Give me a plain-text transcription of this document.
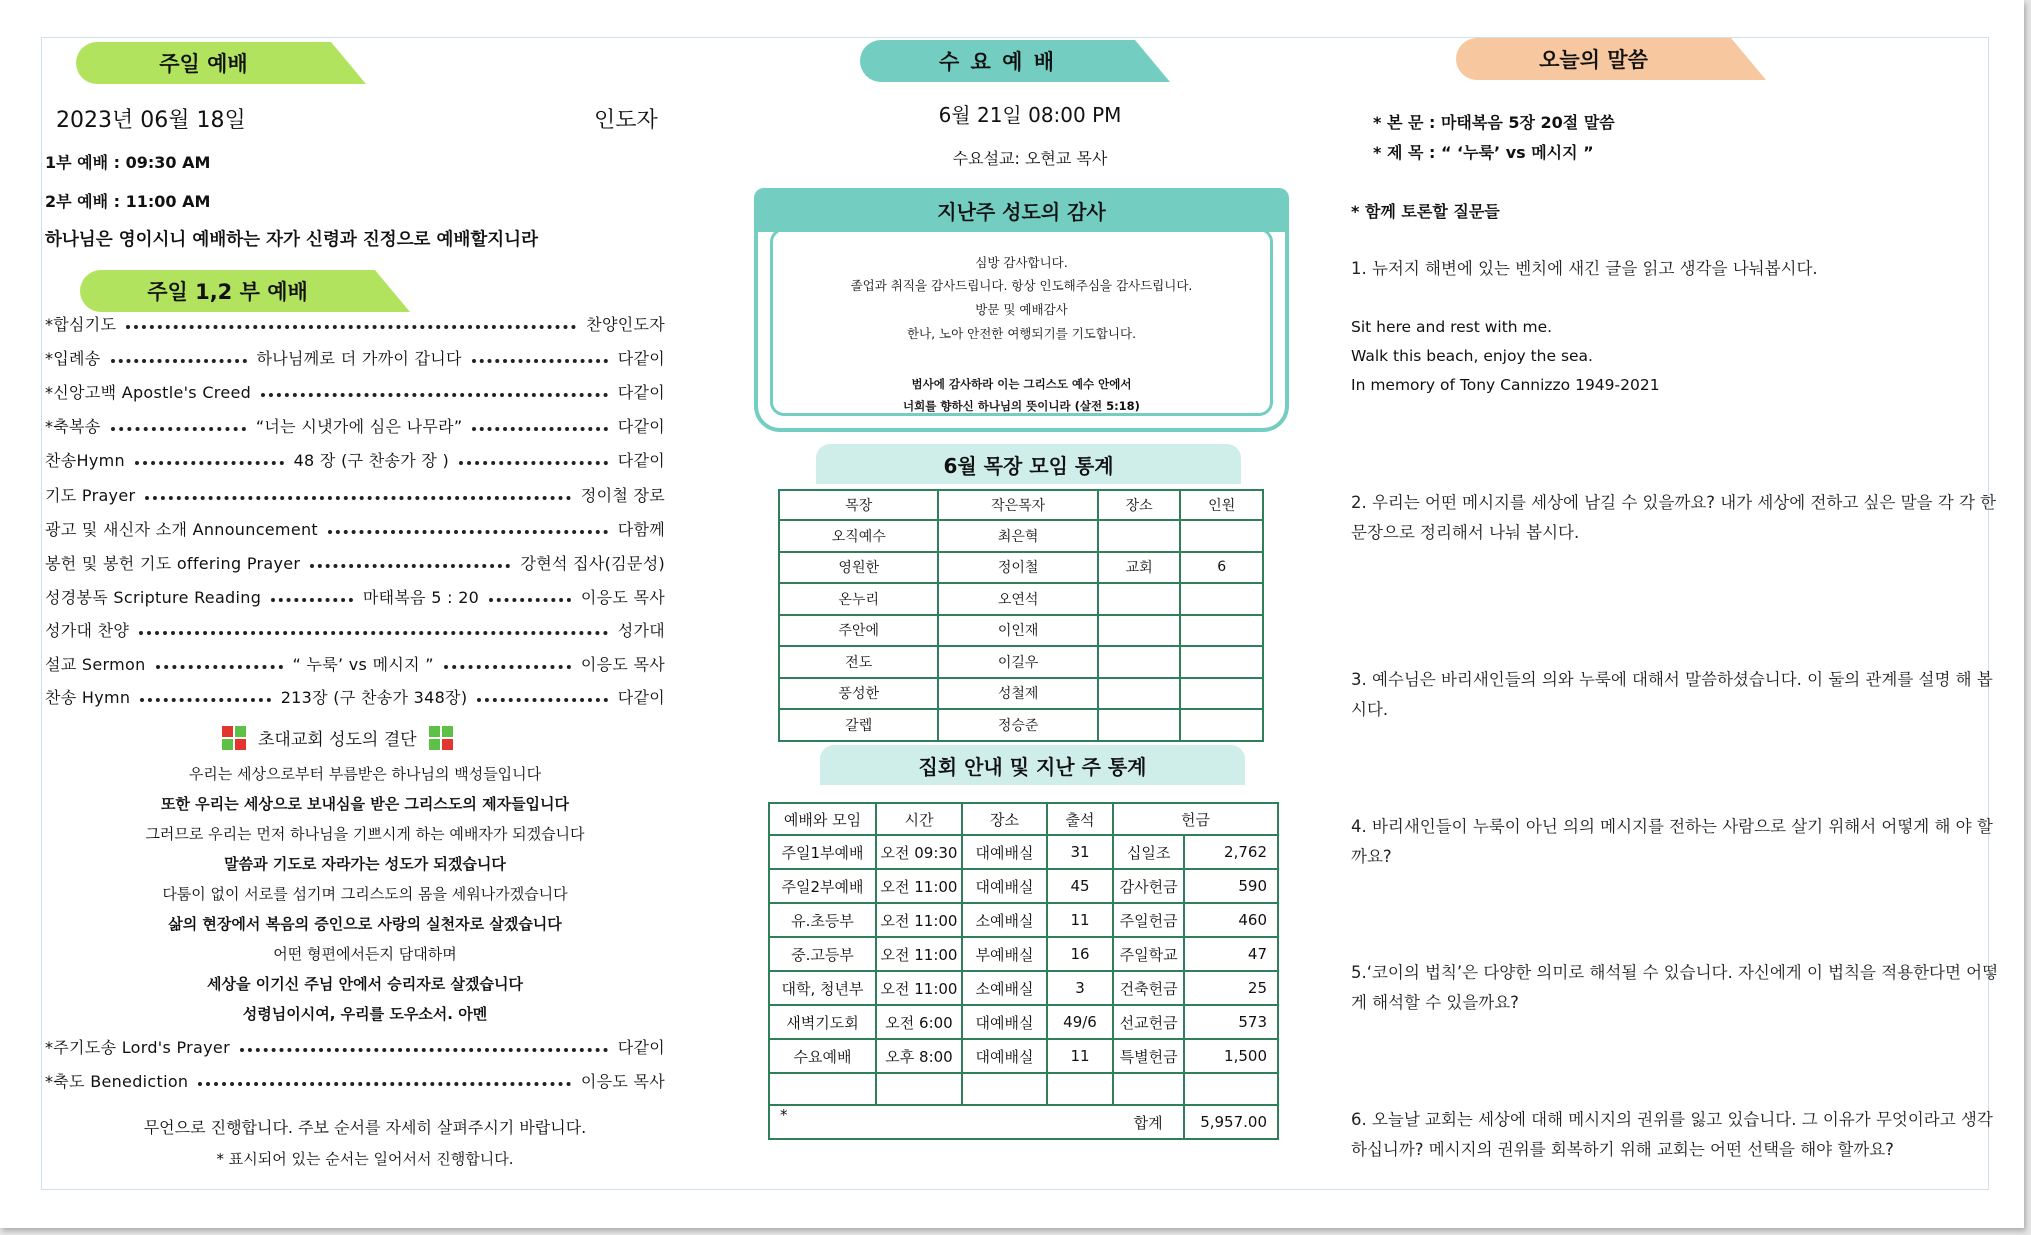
주일 예배
2023년 06월 18일	인도자
1부 예배 : 09:30 AM
2부 예배 : 11:00 AM
하나님은 영이시니 예배하는 자가 신령과 진정으로 예배할지니라
주일 1,2 부 예배
*합심기도	찬양인도자
*입례송	하나님께로 더 가까이 갑니다	다같이
*신앙고백 Apostle's Creed	다같이
*축복송	“너는 시냇가에 심은 나무라”	다같이
찬송Hymn	48 장 (구 찬송가 장 )	다같이
기도 Prayer	정이철 장로
광고 및 새신자 소개 Announcement	다함께
봉헌 및 봉헌 기도 offering Prayer	강현석 집사(김문성)
성경봉독 Scripture Reading	마태복음 5 : 20	이응도 목사
성가대 찬양	성가대
설교 Sermon	“ 누룩’ vs 메시지 ”	이응도 목사
찬송 Hymn	213장 (구 찬송가 348장)	다같이
초대교회 성도의 결단
우리는 세상으로부터 부름받은 하나님의 백성들입니다
또한 우리는 세상으로 보내심을 받은 그리스도의 제자들입니다
그러므로 우리는 먼저 하나님을 기쁘시게 하는 예배자가 되겠습니다
말씀과 기도로 자라가는 성도가 되겠습니다
다툼이 없이 서로를 섬기며 그리스도의 몸을 세워나가겠습니다
삶의 현장에서 복음의 증인으로 사랑의 실천자로 살겠습니다
어떤 형편에서든지 담대하며
세상을 이기신 주님 안에서 승리자로 살겠습니다
성령님이시여, 우리를 도우소서. 아멘
*주기도송 Lord's Prayer	다같이
*축도 Benediction	이응도 목사
무언으로 진행합니다. 주보 순서를 자세히 살펴주시기 바랍니다.
* 표시되어 있는 순서는 일어서서 진행합니다.
수 요 예 배
6월 21일 08:00 PM
수요설교: 오현교 목사
심방 감사합니다.
졸업과 취직을 감사드립니다. 항상 인도해주심을 감사드립니다.
방문 및 예배감사
한나, 노아 안전한 여행되기를 기도합니다.
범사에 감사하라 이는 그리스도 예수 안에서
너희를 향하신 하나님의 뜻이니라 (살전 5:18)
지난주 성도의 감사
6월 목장 모임 통계
목장	작은목자	장소	인원
오직예수	최은혁		
영원한	정이철	교회	6
온누리	오연석		
주안에	이인재		
전도	이길우		
풍성한	성철제		
갈렙	정승준		
집회 안내 및 지난 주 통계
예배와 모임	시간	장소	출석	헌금	
주일1부예배	오전 09:30	대예배실	31	십일조	2,762
주일2부예배	오전 11:00	대예배실	45	감사헌금	590
유.초등부	오전 11:00	소예배실	11	주일헌금	460
중.고등부	오전 11:00	부예배실	16	주일학교	47
대학, 청년부	오전 11:00	소예배실	3	건축헌금	25
새벽기도회	오전 6:00	대예배실	49/6	선교헌금	573
수요예배	오후 8:00	대예배실	11	특별헌금	1,500

*				합계	5,957.00
오늘의 말씀
* 본 문 : 마태복음 5장 20절 말씀
* 제 목 : “ ‘누룩’ vs 메시지 ”
* 함께 토론할 질문들
1. 뉴저지 해변에 있는 벤치에 새긴 글을 읽고 생각을 나눠봅시다.
Sit here and rest with me.
Walk this beach, enjoy the sea.
In memory of Tony Cannizzo 1949-2021
2. 우리는 어떤 메시지를 세상에 남길 수 있을까요? 내가 세상에 전하고 싶은 말을 각 각 한 문장으로 정리해서 나눠 봅시다.
3. 예수님은 바리새인들의 의와 누룩에 대해서 말씀하셨습니다. 이 둘의 관계를 설명 해 봅시다.
4. 바리새인들이 누룩이 아닌 의의 메시지를 전하는 사람으로 살기 위해서 어떻게 해 야 할까요?
5.‘코이의 법칙’은 다양한 의미로 해석될 수 있습니다. 자신에게 이 법칙을 적용한다면 어떻게 해석할 수 있을까요?
6. 오늘날 교회는 세상에 대해 메시지의 권위를 잃고 있습니다. 그 이유가 무엇이라고 생각하십니까? 메시지의 권위를 회복하기 위해 교회는 어떤 선택을 해야 할까요?
